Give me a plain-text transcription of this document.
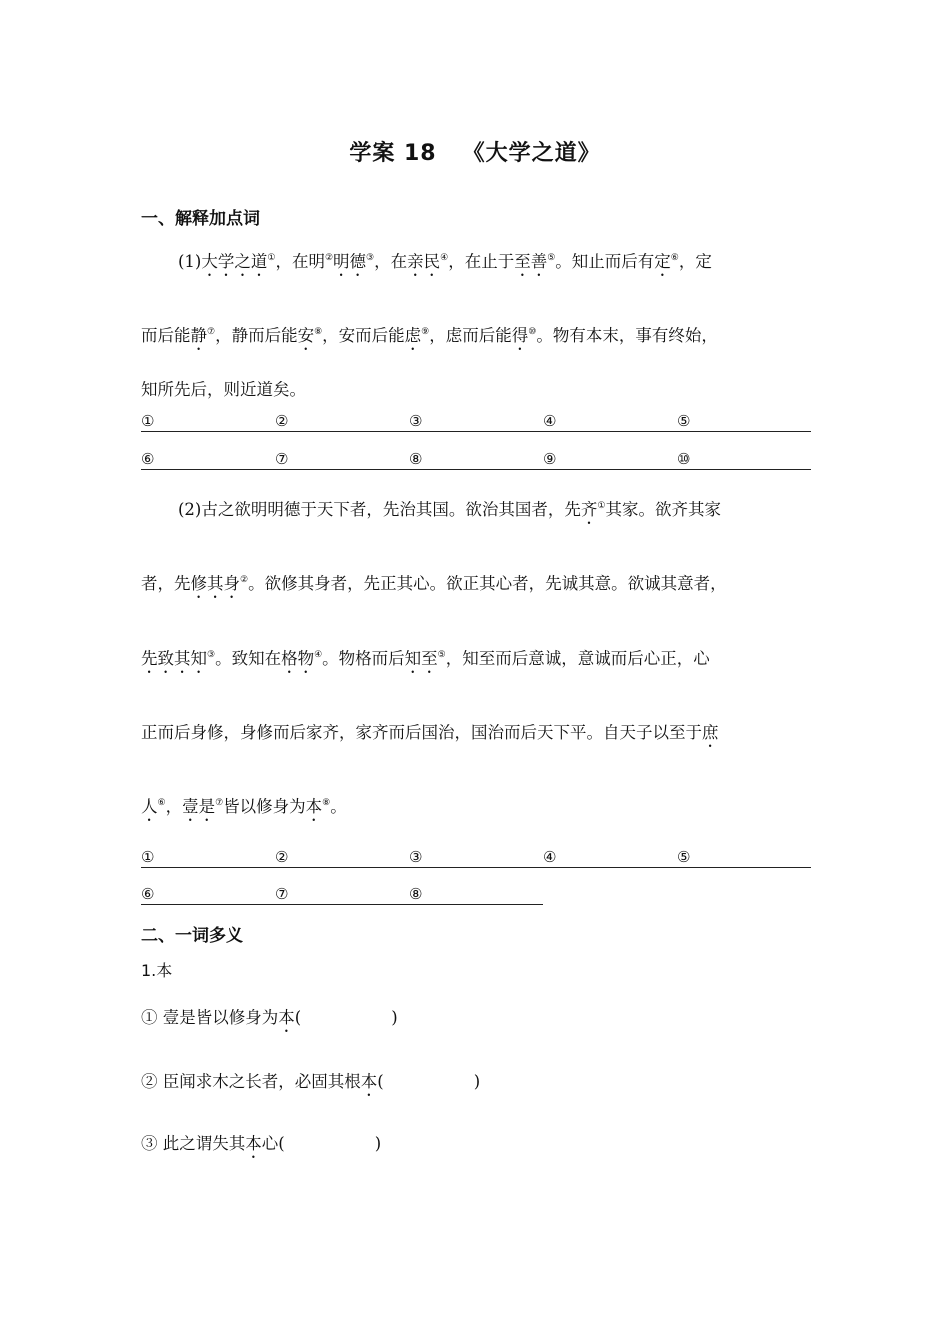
学案 18 《大学之道》
一、解释加点词
(1)大学之道①，在明②明德③，在亲民④，在止于至善⑤。知止而后有定⑥，定
而后能静⑦，静而后能安⑧，安而后能虑⑨，虑而后能得⑩。物有本末，事有终始，
知所先后，则近道矣。
①	②	③	④	⑤
⑥	⑦	⑧	⑨	⑩
(2)古之欲明明德于天下者，先治其国。欲治其国者，先齐①其家。欲齐其家
者，先修其身②。欲修其身者，先正其心。欲正其心者，先诚其意。欲诚其意者，
先致其知③。致知在格物④。物格而后知至⑤，知至而后意诚，意诚而后心正，心
正而后身修，身修而后家齐，家齐而后国治，国治而后天下平。自天子以至于庶
人⑥，壹是⑦皆以修身为本⑧。
①	②	③	④	⑤
⑥	⑦	⑧
二、一词多义
1.本
① 壹是皆以修身为本(	)
② 臣闻求木之长者，必固其根本(	)
③ 此之谓失其本心(	)
